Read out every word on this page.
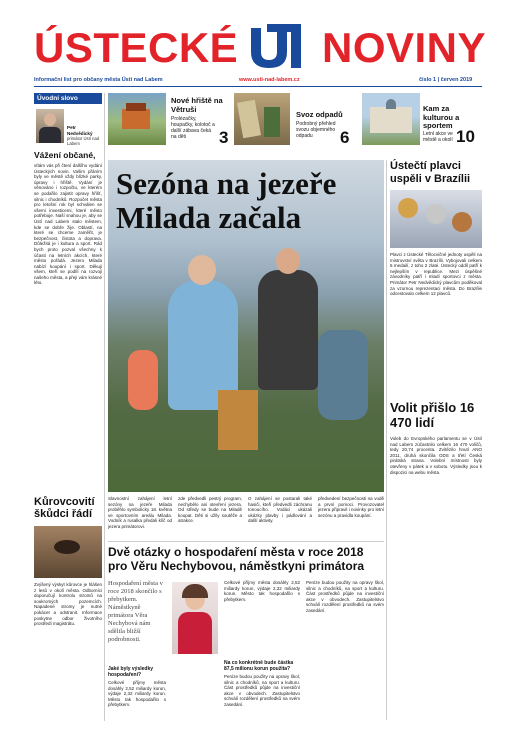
ÚSTECKÉ NOVINY
Informační list pro občany města Ústí nad Labem	www.usti-nad-labem.cz	číslo 1 | červen 2019
Úvodní slovo
Petr Nedvědický
primátor Ústí nad Labem
Vážení občané,
vítám vás při čtení dalšího vydání Ústeckých novin. Vašim přáním byly ve městě vždy blízké parky, úpravy i hřiště. Vydání je věnováno i rozpočtu, ve kterém se podařilo zajistit opravy hřišť, silnic i chodníků. Rozpočet města pro letošní rok byl schválen se všemi investicemi, které město potřebuje. Naší snahou je, aby se Ústí nad Labem stalo městem, kde se dobře žije. Oblastí, na které se chceme zaměřit, je bezpečnost, čistota a doprava. Důležitá je i kultura a sport. Rád bych proto pozval všechny k účasti na letních akcích, které město pořádá. Jezero Milada nabízí koupání i sport. Děkuji všem, kteří se podílí na rozvoji našeho města, a přeji vám krásné léto.
Nové hřiště na Větruši
Prolézačky, houpačky, kolotoč a další zábava čeká na děti	3
Svoz odpadů
Podrobný přehled svozu objemného odpadu	6
Kam za kulturou a sportem
Letní akce ve městě a okolí 10
Sezóna na jezeře
Milada začala
Slavnostní zahájení letní sezóny na jezeře Milada proběhlo symbolicky 18. května ve sportovním areálu Milada. Vodník a rusalka předali klíč od jezera primátorovi.
zde předvedli pestrý program, nechybělo ani otevření jezera. Od středy se bude na Miladě koupat. Děti si užily soutěže a atrakce.
O zahájení se postarali také hasiči, kteří předvedli záchranu tonoucího. Vodáci ukázali ukázky plavby i pádlování a další aktivity.
předvedení bezpečnosti na vodě a první pomoci. Provozovatel jezera připravil i novinky pro letní sezónu a pravidla koupání.
Ústečtí plavci uspěli v Brazílii
Plavci z Ústecké Tělocvičné jednoty uspěli na mistrovství světa v Brazílii. Vybojovali celkem 6 medailí, z toho 2 zlaté. Ústecký oddíl patří k nejlepším v republice. Mezi úspěšné závodníky patří i mladí sportovci z města. Primátor Petr Nedvědický plavcům poděkoval za vzornou reprezentaci města. Do Brazílie odcestovalo celkem 12 plavců.
Volit přišlo 16 470 lidí
Voleb do Evropského parlamentu se v Ústí nad Labem zúčastnilo celkem 16 470 voličů, tedy 20,74 procenta. Zvítězilo hnutí ANO 2011, druhá skončila ODS a třetí Česká pirátská strana. Volební místnosti byly otevřeny v pátek a v sobotu. Výsledky jsou k dispozici na webu města.
Kůrovcovití škůdci řádí
Zvýšený výskyt kůrovce je hlášen z lesů v okolí města. Odborníci doporučují kontrolu stromů na soukromých pozemcích. Napadené stromy je nutné pokácet a odstranit. Informace poskytne odbor životního prostředí magistrátu.
Dvě otázky o hospodaření města v roce 2018 pro Věru Nechybovou, náměstkyni primátora
Hospodaření města v roce 2018 skončilo s přebytkem. Náměstkyně primátora Věra Nechybová nám sdělila bližší podrobnosti.
Jaké byly výsledky hospodaření?
Celkové příjmy města dosáhly 2,52 miliardy korun, výdaje 2,32 miliardy korun. Město tak hospodařilo s přebytkem.
Na co konkrétně bude částka 87,5 milionu korun použita?
Celkové příjmy města dosáhly 2,52 miliardy korun, výdaje 2,32 miliardy korun. Město tak hospodařilo s přebytkem.
Peníze budou použity na opravy škol, silnic a chodníků, na sport a kulturu. Část prostředků půjde na investiční akce v obvodech. Zastupitelstvo schválí rozdělení prostředků na svém zasedání.
Peníze budou použity na opravy škol, silnic a chodníků, na sport a kulturu. Část prostředků půjde na investiční akce v obvodech. Zastupitelstvo schválí rozdělení prostředků na svém zasedání.
